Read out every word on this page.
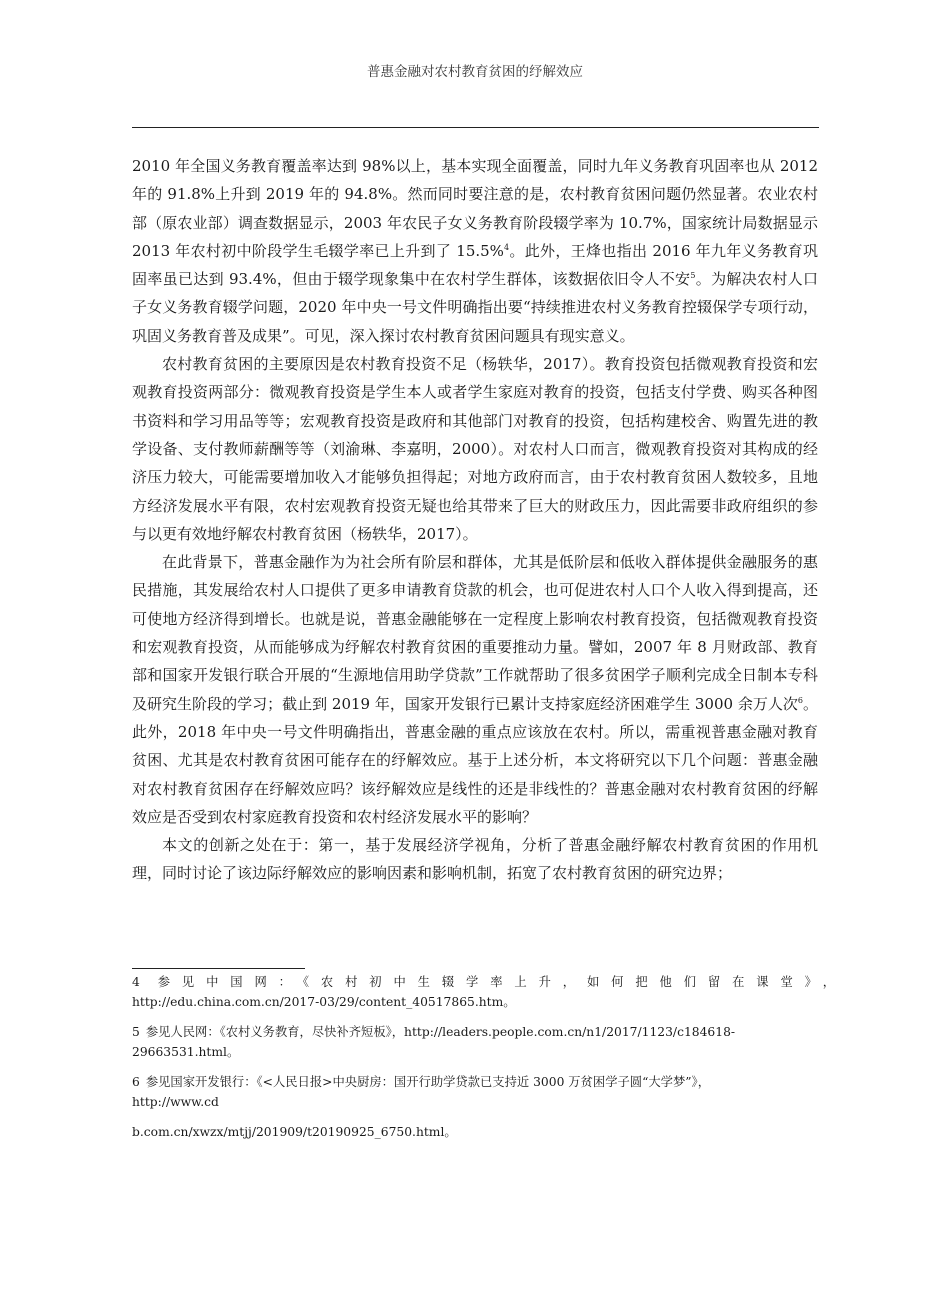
普惠金融对农村教育贫困的纾解效应

2010 年全国义务教育覆盖率达到 98%以上，基本实现全面覆盖，同时九年义务教育巩固率也从 2012 年的 91.8%上升到 2019 年的 94.8%。然而同时要注意的是，农村教育贫困问题仍然显著。农业农村部（原农业部）调查数据显示，2003 年农民子女义务教育阶段辍学率为 10.7%，国家统计局数据显示 2013 年农村初中阶段学生毛辍学率已上升到了 15.5%$^4$。此外，王烽也指出 2016 年九年义务教育巩固率虽已达到 93.4%，但由于辍学现象集中在农村学生群体，该数据依旧令人不安$^5$。为解决农村人口子女义务教育辍学问题，2020 年中央一号文件明确指出要“持续推进农村义务教育控辍保学专项行动，巩固义务教育普及成果”。可见，深入探讨农村教育贫困问题具有现实意义。

农村教育贫困的主要原因是农村教育投资不足（杨轶华，2017）。教育投资包括微观教育投资和宏观教育投资两部分：微观教育投资是学生本人或者学生家庭对教育的投资，包括支付学费、购买各种图书资料和学习用品等等；宏观教育投资是政府和其他部门对教育的投资，包括构建校舍、购置先进的教学设备、支付教师薪酬等等（刘渝琳、李嘉明，2000）。对农村人口而言，微观教育投资对其构成的经济压力较大，可能需要增加收入才能够负担得起；对地方政府而言，由于农村教育贫困人数较多，且地方经济发展水平有限，农村宏观教育投资无疑也给其带来了巨大的财政压力，因此需要非政府组织的参与以更有效地纾解农村教育贫困（杨轶华，2017）。

在此背景下，普惠金融作为为社会所有阶层和群体，尤其是低阶层和低收入群体提供金融服务的惠民措施，其发展给农村人口提供了更多申请教育贷款的机会，也可促进农村人口个人收入得到提高，还可使地方经济得到增长。也就是说，普惠金融能够在一定程度上影响农村教育投资，包括微观教育投资和宏观教育投资，从而能够成为纾解农村教育贫困的重要推动力量。譬如，2007 年 8 月财政部、教育部和国家开发银行联合开展的“生源地信用助学贷款”工作就帮助了很多贫困学子顺利完成全日制本专科及研究生阶段的学习；截止到 2019 年，国家开发银行已累计支持家庭经济困难学生 3000 余万人次$^6$。此外，2018 年中央一号文件明确指出，普惠金融的重点应该放在农村。所以，需重视普惠金融对教育贫困、尤其是农村教育贫困可能存在的纾解效应。基于上述分析，本文将研究以下几个问题：普惠金融对农村教育贫困存在纾解效应吗？该纾解效应是线性的还是非线性的？普惠金融对农村教育贫困的纾解效应是否受到农村家庭教育投资和农村经济发展水平的影响？

本文的创新之处在于：第一，基于发展经济学视角，分析了普惠金融纾解农村教育贫困的作用机理，同时讨论了该边际纾解效应的影响因素和影响机制，拓宽了农村教育贫困的研究边界；

4 参见中国网：《农村初中生辍学率上升，如何把他们留在课堂》，

http://edu.china.com.cn/2017-03/29/content_40517865.htm。

5 参见人民网：《农村义务教育，尽快补齐短板》，http://leaders.people.com.cn/n1/2017/1123/c184618-

29663531.html。

6 参见国家开发银行：《<人民日报>中央厨房：国开行助学贷款已支持近 3000 万贫困学子圆“大学梦”》，

http://www.cd

b.com.cn/xwzx/mtjj/201909/t20190925_6750.html。
